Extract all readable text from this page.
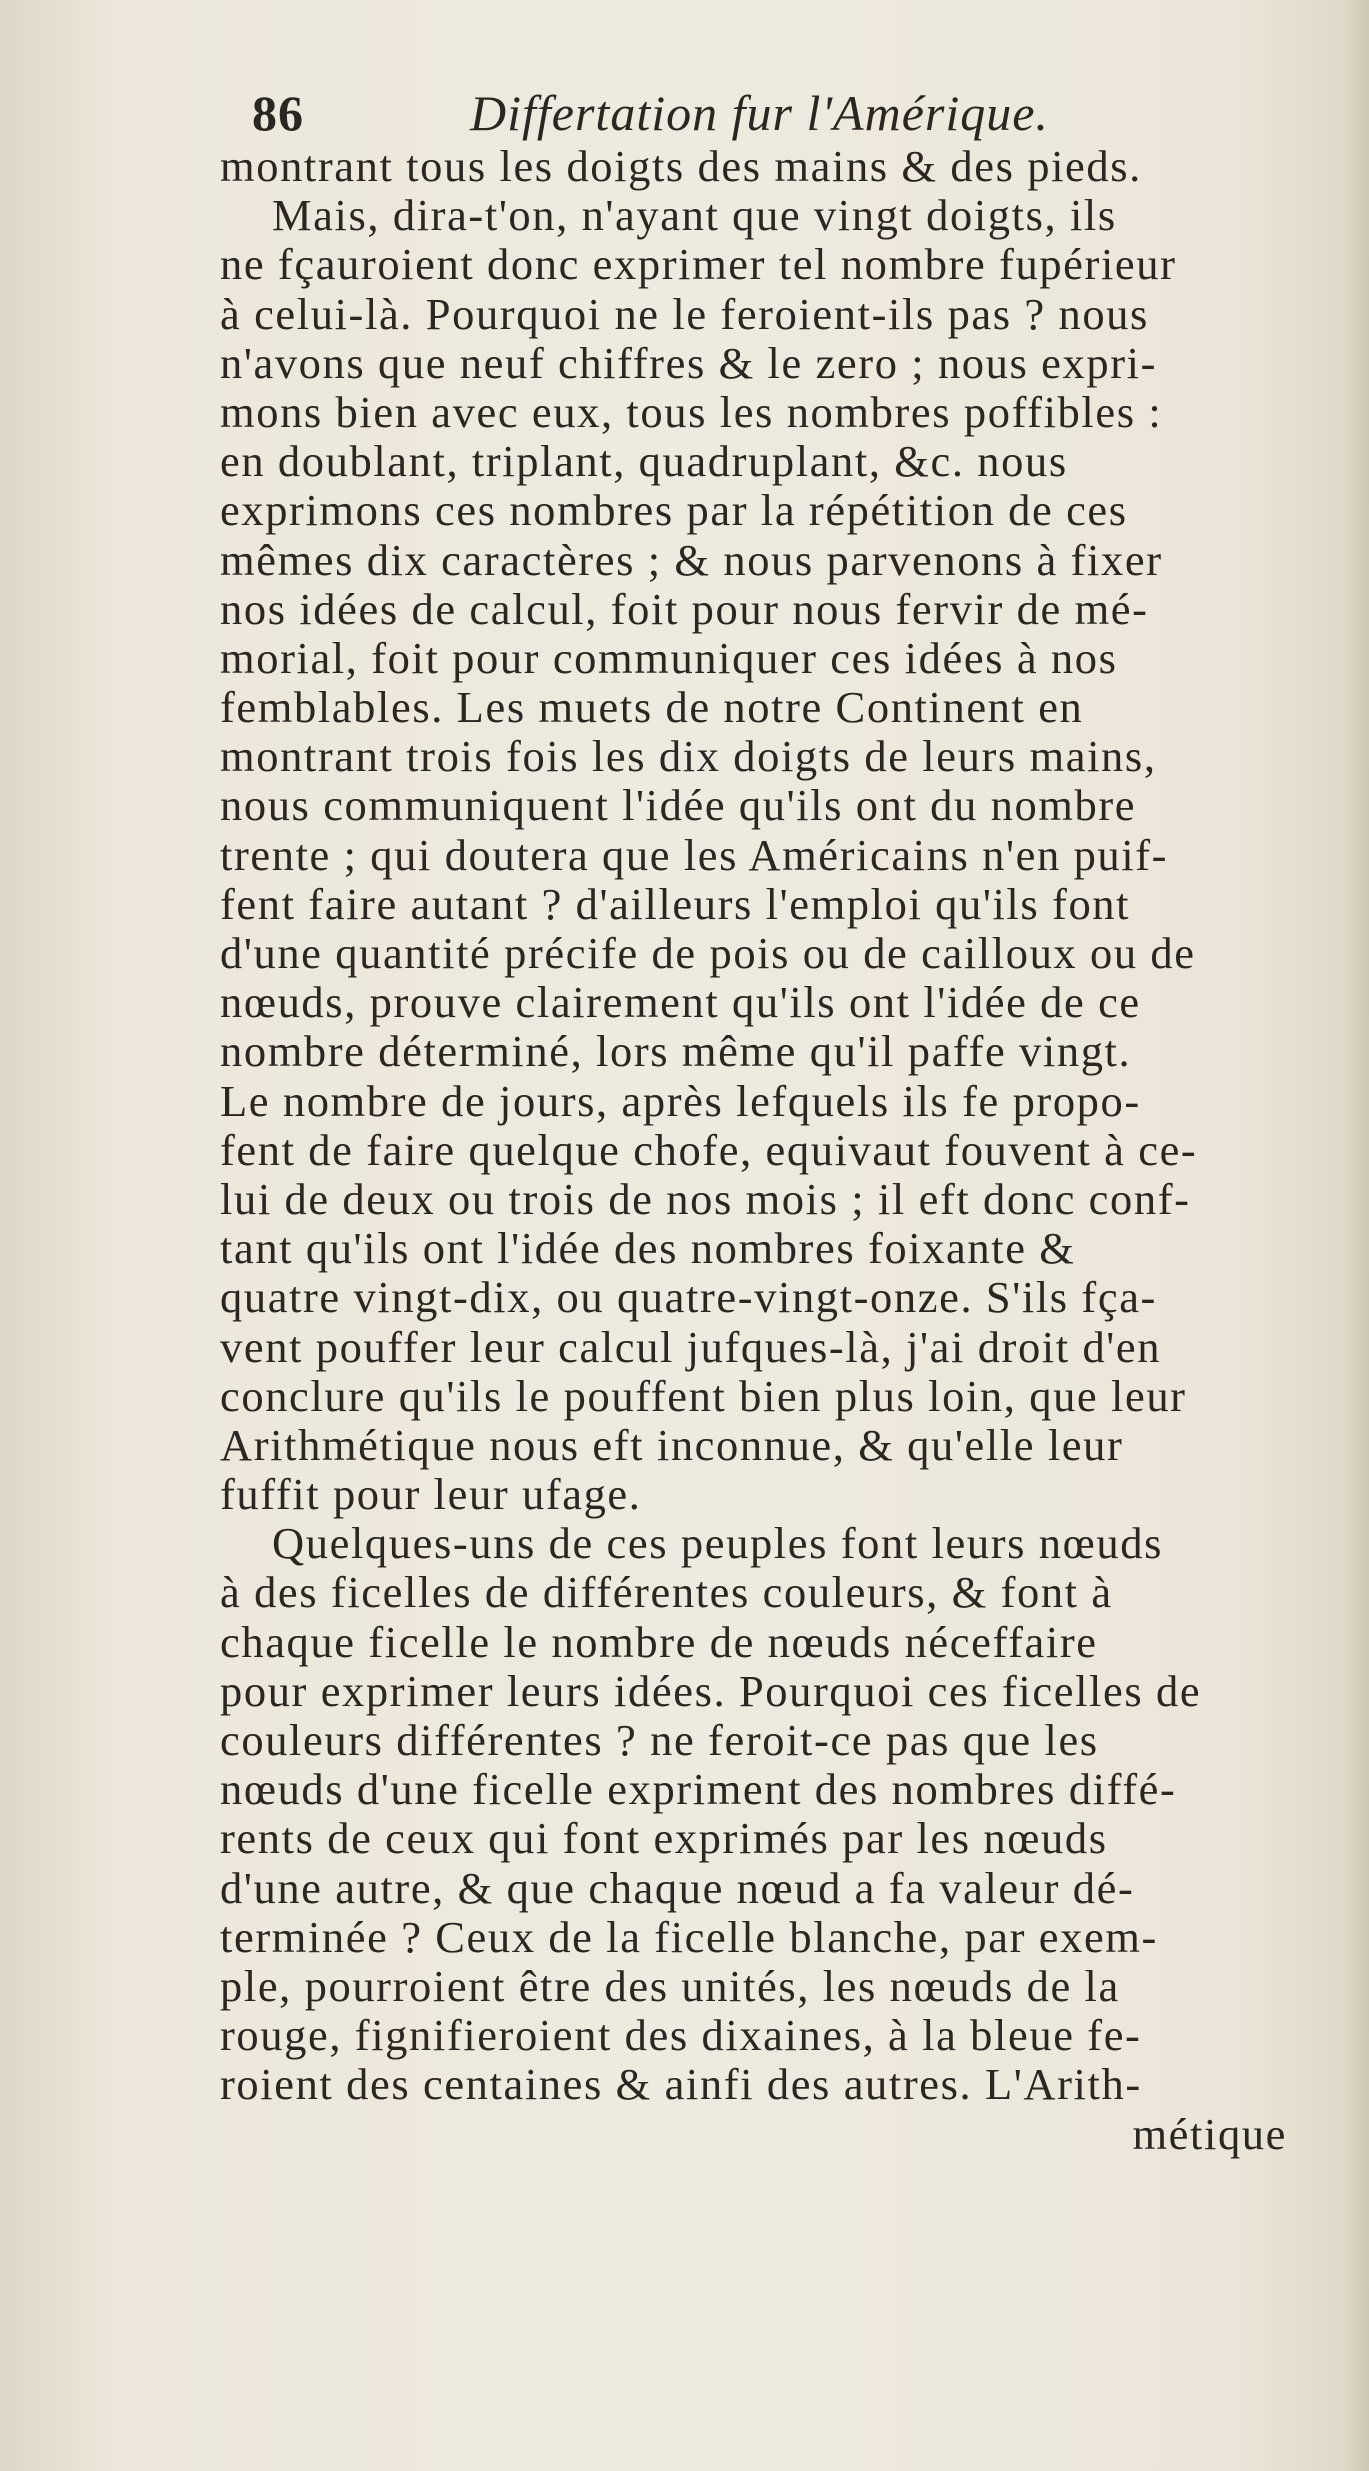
86	Differtation fur l'Amérique.
montrant tous les doigts des mains & des pieds.
Mais, dira-t'on, n'ayant que vingt doigts, ils
ne fçauroient donc exprimer tel nombre fupérieur
à celui-là. Pourquoi ne le feroient-ils pas ? nous
n'avons que neuf chiffres & le zero ; nous expri-
mons bien avec eux, tous les nombres poffibles :
en doublant, triplant, quadruplant, &c. nous
exprimons ces nombres par la répétition de ces
mêmes dix caractères ; & nous parvenons à fixer
nos idées de calcul, foit pour nous fervir de mé-
morial, foit pour communiquer ces idées à nos
femblables. Les muets de notre Continent en
montrant trois fois les dix doigts de leurs mains,
nous communiquent l'idée qu'ils ont du nombre
trente ; qui doutera que les Américains n'en puif-
fent faire autant ? d'ailleurs l'emploi qu'ils font
d'une quantité précife de pois ou de cailloux ou de
nœuds, prouve clairement qu'ils ont l'idée de ce
nombre déterminé, lors même qu'il paffe vingt.
Le nombre de jours, après lefquels ils fe propo-
fent de faire quelque chofe, equivaut fouvent à ce-
lui de deux ou trois de nos mois ; il eft donc conf-
tant qu'ils ont l'idée des nombres foixante &
quatre vingt-dix, ou quatre-vingt-onze. S'ils fça-
vent pouffer leur calcul jufques-là, j'ai droit d'en
conclure qu'ils le pouffent bien plus loin, que leur
Arithmétique nous eft inconnue, & qu'elle leur
fuffit pour leur ufage.
Quelques-uns de ces peuples font leurs nœuds
à des ficelles de différentes couleurs, & font à
chaque ficelle le nombre de nœuds néceffaire
pour exprimer leurs idées. Pourquoi ces ficelles de
couleurs différentes ? ne feroit-ce pas que les
nœuds d'une ficelle expriment des nombres diffé-
rents de ceux qui font exprimés par les nœuds
d'une autre, & que chaque nœud a fa valeur dé-
terminée ? Ceux de la ficelle blanche, par exem-
ple, pourroient être des unités, les nœuds de la
rouge, fignifieroient des dixaines, à la bleue fe-
roient des centaines & ainfi des autres. L'Arith-
métique
